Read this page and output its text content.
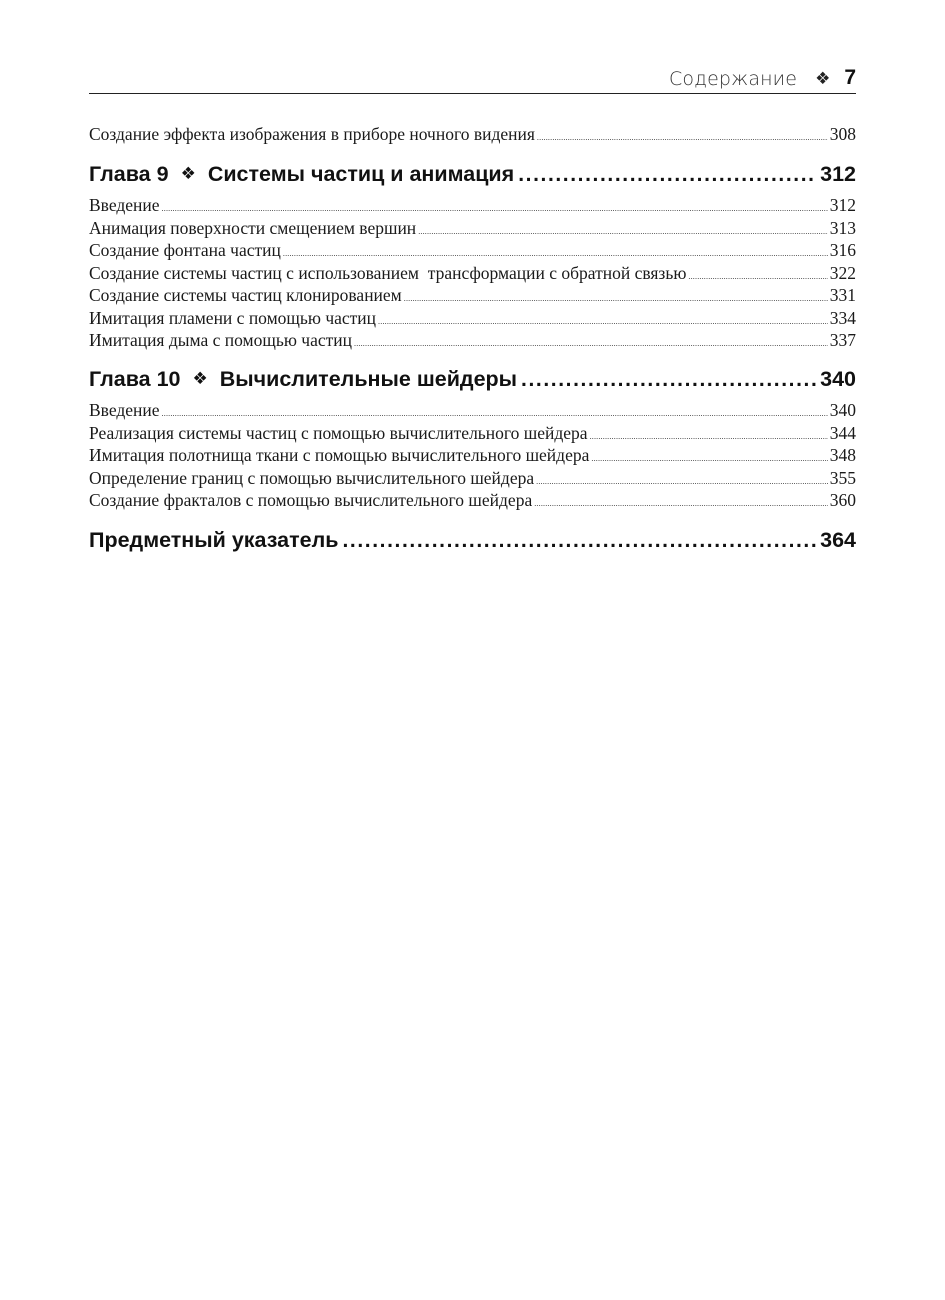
Содержание ❖ 7
Создание эффекта изображения в приборе ночного видения .....	308
Глава 9 ❖ Системы частиц и анимация .....	312
Введение .....	312
Анимация поверхности смещением вершин .....	313
Создание фонтана частиц .....	316
Создание системы частиц с использованием  трансформации с обратной связью .....	322
Создание системы частиц клонированием .....	331
Имитация пламени с помощью частиц .....	334
Имитация дыма с помощью частиц .....	337
Глава 10 ❖ Вычислительные шейдеры .....	340
Введение .....	340
Реализация системы частиц с помощью вычислительного шейдера .....	344
Имитация полотнища ткани с помощью вычислительного шейдера .....	348
Определение границ с помощью вычислительного шейдера .....	355
Создание фракталов с помощью вычислительного шейдера .....	360
Предметный указатель .....	364
